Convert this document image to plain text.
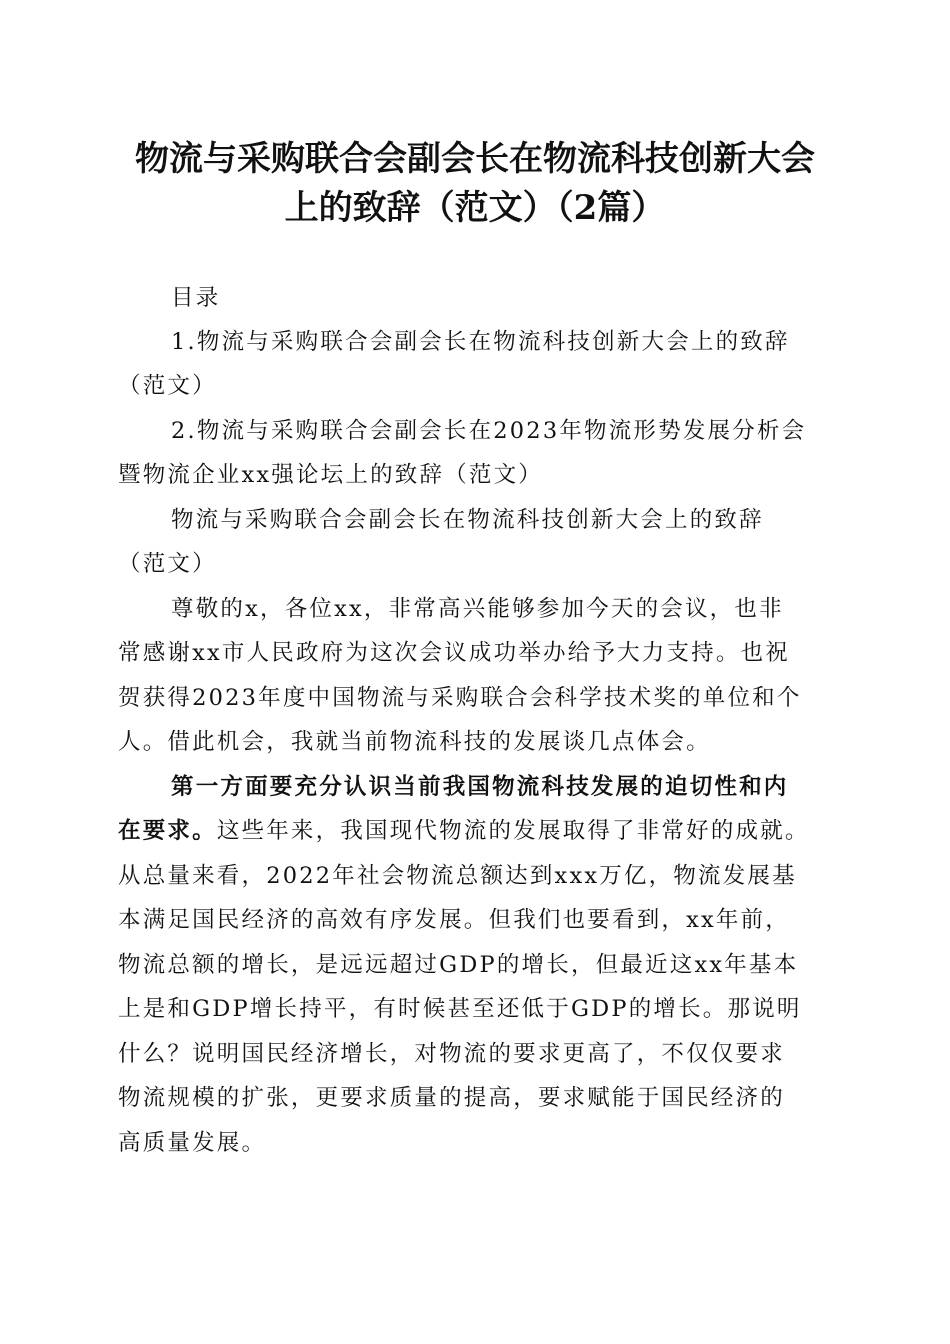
物流与采购联合会副会长在物流科技创新大会
上的致辞（范文）（2篇）
目录
1.物流与采购联合会副会长在物流科技创新大会上的致辞
（范文）
2.物流与采购联合会副会长在2023年物流形势发展分析会
暨物流企业xx强论坛上的致辞（范文）
物流与采购联合会副会长在物流科技创新大会上的致辞
（范文）
尊敬的x，各位xx，非常高兴能够参加今天的会议，也非
常感谢xx市人民政府为这次会议成功举办给予大力支持。也祝
贺获得2023年度中国物流与采购联合会科学技术奖的单位和个
人。借此机会，我就当前物流科技的发展谈几点体会。
第一方面要充分认识当前我国物流科技发展的迫切性和内
在要求。这些年来，我国现代物流的发展取得了非常好的成就。
从总量来看，2022年社会物流总额达到xxx万亿，物流发展基
本满足国民经济的高效有序发展。但我们也要看到，xx年前，
物流总额的增长，是远远超过GDP的增长，但最近这xx年基本
上是和GDP增长持平，有时候甚至还低于GDP的增长。那说明
什么？说明国民经济增长，对物流的要求更高了，不仅仅要求
物流规模的扩张，更要求质量的提高，要求赋能于国民经济的
高质量发展。
